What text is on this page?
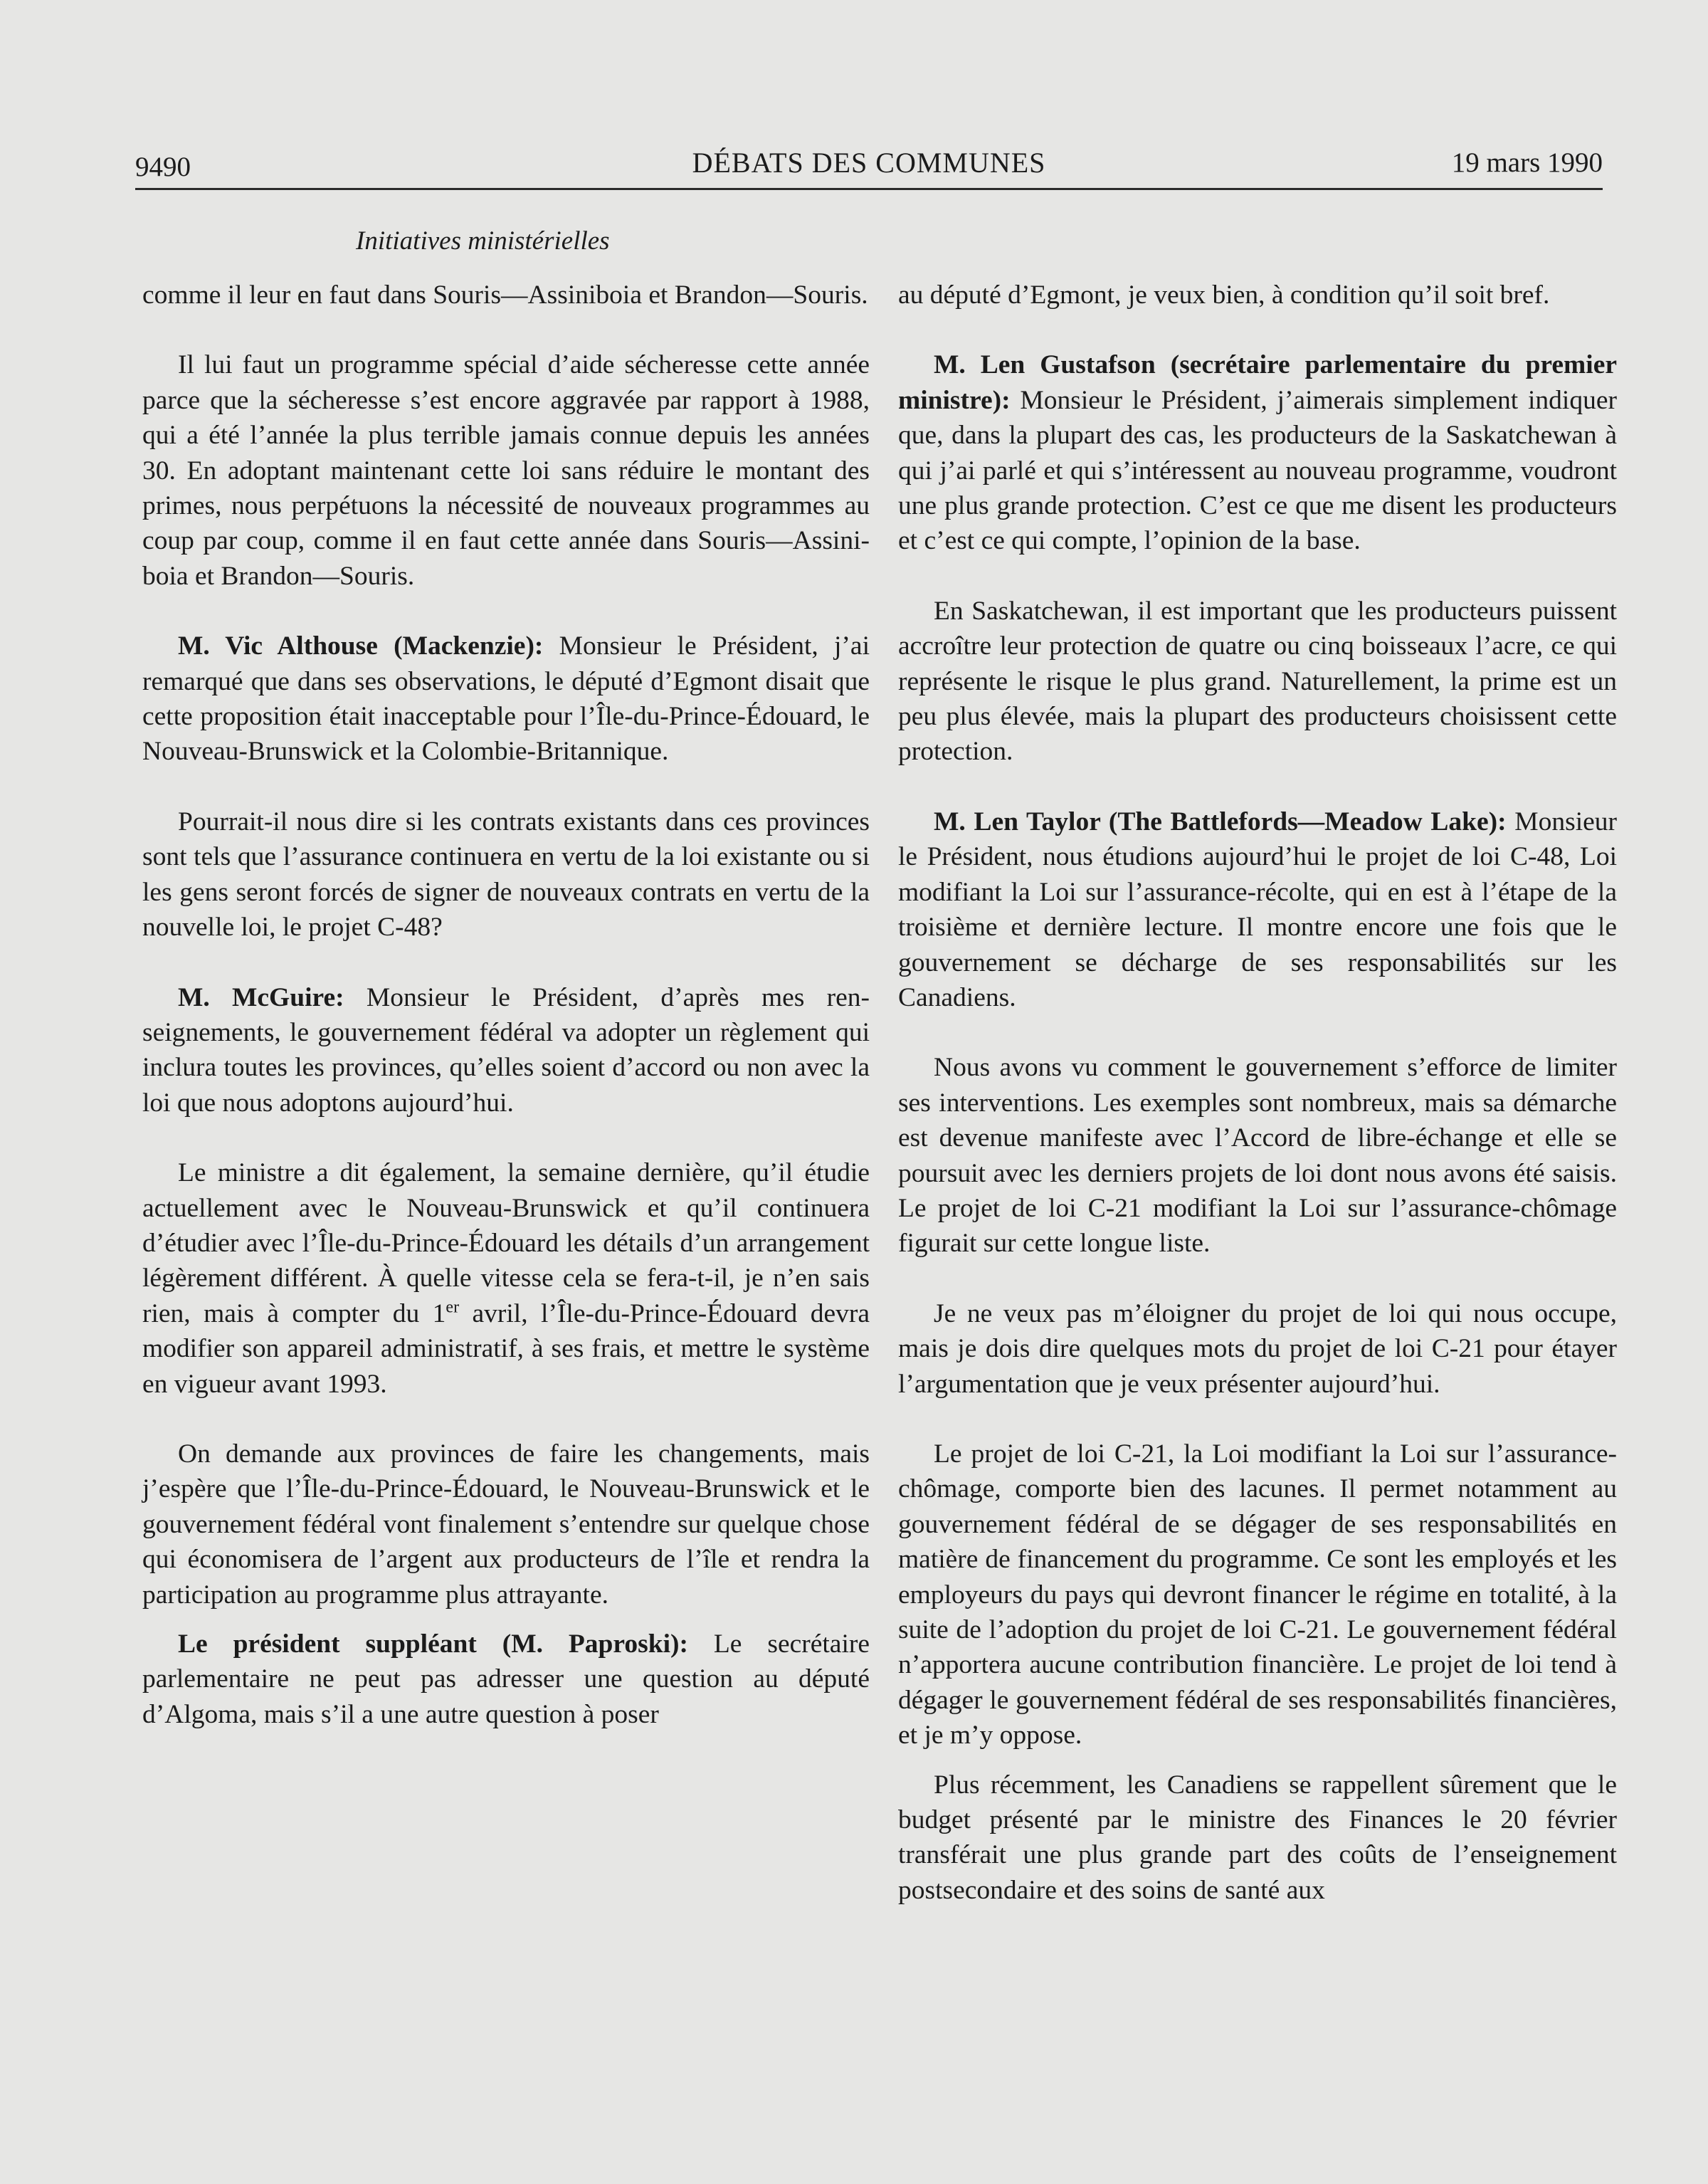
9490	DÉBATS DES COMMUNES	19 mars 1990
Initiatives ministérielles

comme il leur en faut dans Souris—Assiniboia et Brandon—Souris.

Il lui faut un programme spécial d’aide sécheresse cette année parce que la sécheresse s’est encore aggravée par rapport à 1988, qui a été l’année la plus terrible jamais connue depuis les années 30. En adoptant maintenant cette loi sans réduire le montant des primes, nous perpétuons la nécessité de nouveaux programmes au coup par coup, comme il en faut cette année dans Souris—Assiniboia et Brandon—Souris.

M. Vic Althouse (Mackenzie): Monsieur le Président, j’ai remarqué que dans ses observations, le député d’Egmont disait que cette proposition était inacceptable pour l’Île-du-Prince-Édouard, le Nouveau-Brunswick et la Colombie-Britannique.

Pourrait-il nous dire si les contrats existants dans ces provinces sont tels que l’assurance continuera en vertu de la loi existante ou si les gens seront forcés de signer de nouveaux contrats en vertu de la nouvelle loi, le projet C-48?

M. McGuire: Monsieur le Président, d’après mes renseignements, le gouvernement fédéral va adopter un règlement qui inclura toutes les provinces, qu’elles soient d’accord ou non avec la loi que nous adoptons aujourd’hui.

Le ministre a dit également, la semaine dernière, qu’il étudie actuellement avec le Nouveau-Brunswick et qu’il continuera d’étudier avec l’Île-du-Prince-Édouard les détails d’un arrangement légèrement différent. À quelle vitesse cela se fera-t-il, je n’en sais rien, mais à compter du 1er avril, l’Île-du-Prince-Édouard devra modifier son appareil administratif, à ses frais, et mettre le système en vigueur avant 1993.

On demande aux provinces de faire les changements, mais j’espère que l’Île-du-Prince-Édouard, le Nouveau-Brunswick et le gouvernement fédéral vont finalement s’entendre sur quelque chose qui économisera de l’argent aux producteurs de l’île et rendra la participation au programme plus attrayante.

Le président suppléant (M. Paproski): Le secrétaire parlementaire ne peut pas adresser une question au député d’Algoma, mais s’il a une autre question à poser

au député d’Egmont, je veux bien, à condition qu’il soit bref.

M. Len Gustafson (secrétaire parlementaire du premier ministre): Monsieur le Président, j’aimerais simplement indiquer que, dans la plupart des cas, les producteurs de la Saskatchewan à qui j’ai parlé et qui s’intéressent au nouveau programme, voudront une plus grande protection. C’est ce que me disent les producteurs et c’est ce qui compte, l’opinion de la base.

En Saskatchewan, il est important que les producteurs puissent accroître leur protection de quatre ou cinq boisseaux l’acre, ce qui représente le risque le plus grand. Naturellement, la prime est un peu plus élevée, mais la plupart des producteurs choisissent cette protection.

M. Len Taylor (The Battlefords—Meadow Lake): Monsieur le Président, nous étudions aujourd’hui le projet de loi C-48, Loi modifiant la Loi sur l’assurance-récolte, qui en est à l’étape de la troisième et dernière lecture. Il montre encore une fois que le gouvernement se décharge de ses responsabilités sur les Canadiens.

Nous avons vu comment le gouvernement s’efforce de limiter ses interventions. Les exemples sont nombreux, mais sa démarche est devenue manifeste avec l’Accord de libre-échange et elle se poursuit avec les derniers projets de loi dont nous avons été saisis. Le projet de loi C-21 modifiant la Loi sur l’assurance-chômage figurait sur cette longue liste.

Je ne veux pas m’éloigner du projet de loi qui nous occupe, mais je dois dire quelques mots du projet de loi C-21 pour étayer l’argumentation que je veux présenter aujourd’hui.

Le projet de loi C-21, la Loi modifiant la Loi sur l’assurance-chômage, comporte bien des lacunes. Il permet notamment au gouvernement fédéral de se dégager de ses responsabilités en matière de financement du programme. Ce sont les employés et les employeurs du pays qui devront financer le régime en totalité, à la suite de l’adoption du projet de loi C-21. Le gouvernement fédéral n’apportera aucune contribution financière. Le projet de loi tend à dégager le gouvernement fédéral de ses responsabilités financières, et je m’y oppose.

Plus récemment, les Canadiens se rappellent sûrement que le budget présenté par le ministre des Finances le 20 février transférait une plus grande part des coûts de l’enseignement postsecondaire et des soins de santé aux
